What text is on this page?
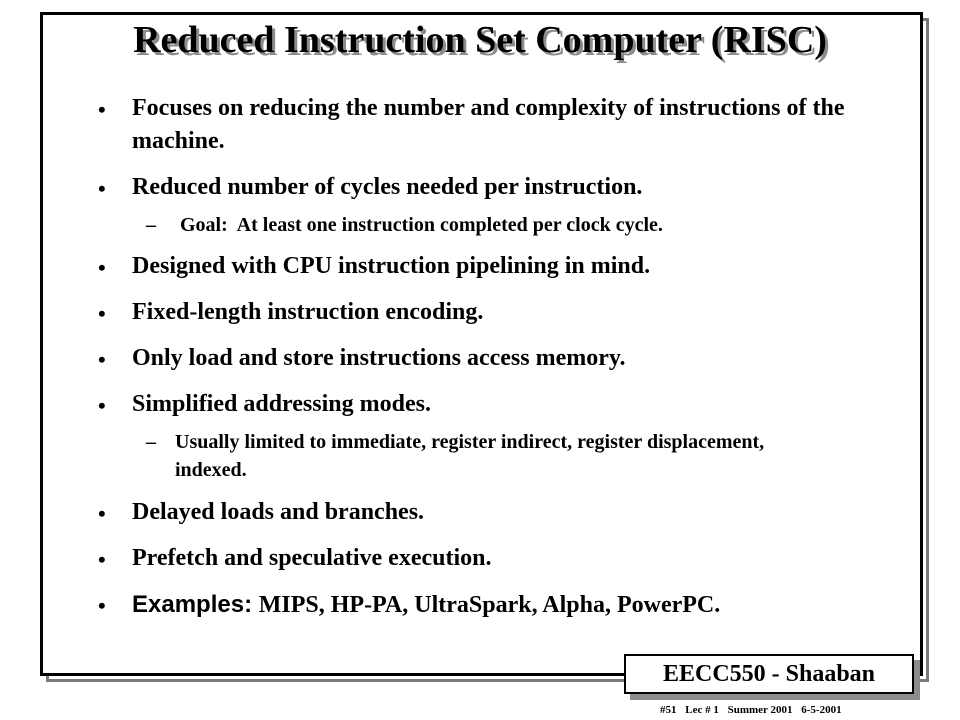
Reduced Instruction Set Computer (RISC)
• Focuses on reducing the number and complexity of instructions of the machine.
• Reduced number of cycles needed per instruction.
– Goal:  At least one instruction completed per clock cycle.
• Designed with CPU instruction pipelining in mind.
• Fixed-length instruction encoding.
• Only load and store instructions access memory.
• Simplified addressing modes.
– Usually limited to immediate, register indirect, register displacement, indexed.
• Delayed loads and branches.
• Prefetch and speculative execution.
• Examples: MIPS, HP-PA, UltraSpark, Alpha, PowerPC.
EECC550 - Shaaban
#51 Lec # 1 Summer 2001 6-5-2001
